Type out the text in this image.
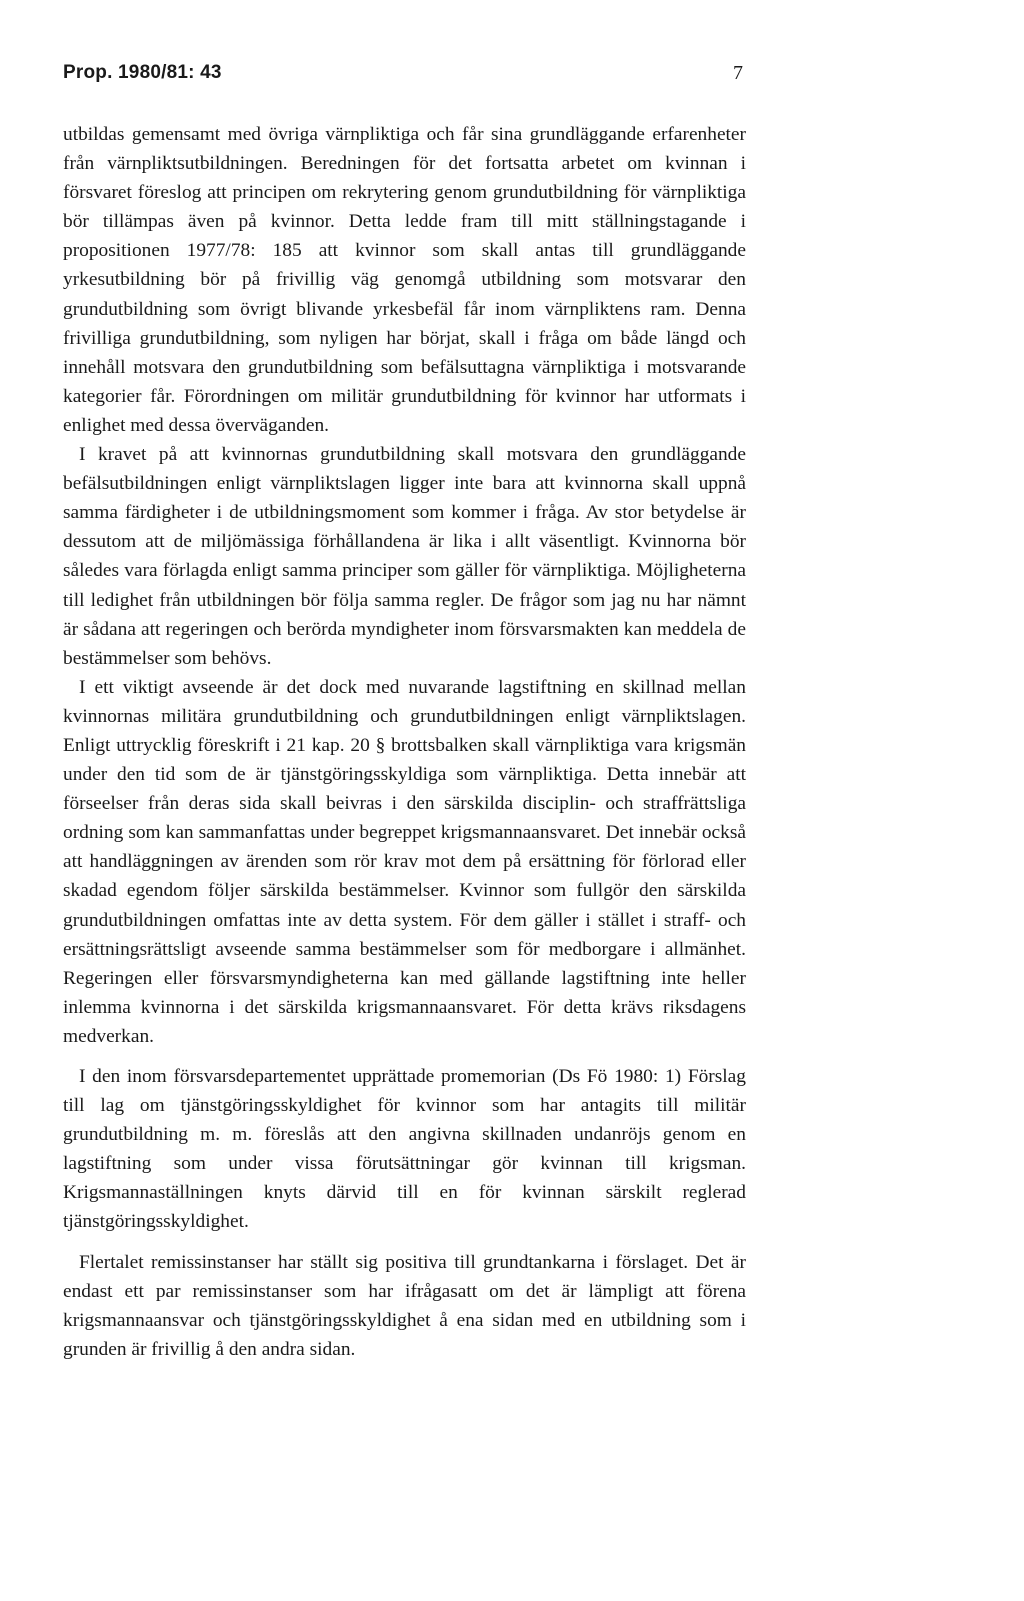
Prop. 1980/81: 43	7

utbildas gemensamt med övriga värnpliktiga och får sina grundläggande erfarenheter från värnpliktsutbildningen. Beredningen för det fortsatta arbetet om kvinnan i försvaret föreslog att principen om rekrytering genom grundutbildning för värnpliktiga bör tillämpas även på kvinnor. Detta ledde fram till mitt ställningstagande i propositionen 1977/78: 185 att kvinnor som skall antas till grundläggande yrkesutbildning bör på frivillig väg genomgå utbildning som motsvarar den grundutbildning som övrigt blivande yrkesbefäl får inom värnpliktens ram. Denna frivilliga grundutbildning, som nyligen har börjat, skall i fråga om både längd och innehåll motsvara den grundutbildning som befälsuttagna värnpliktiga i motsvarande kategorier får. Förordningen om militär grundutbildning för kvinnor har utformats i enlighet med dessa överväganden.

I kravet på att kvinnornas grundutbildning skall motsvara den grundläggande befälsutbildningen enligt värnpliktslagen ligger inte bara att kvinnorna skall uppnå samma färdigheter i de utbildningsmoment som kommer i fråga. Av stor betydelse är dessutom att de miljömässiga förhållandena är lika i allt väsentligt. Kvinnorna bör således vara förlagda enligt samma principer som gäller för värnpliktiga. Möjligheterna till ledighet från utbildningen bör följa samma regler. De frågor som jag nu har nämnt är sådana att regeringen och berörda myndigheter inom försvarsmakten kan meddela de bestämmelser som behövs.

I ett viktigt avseende är det dock med nuvarande lagstiftning en skillnad mellan kvinnornas militära grundutbildning och grundutbildningen enligt värnpliktslagen. Enligt uttrycklig föreskrift i 21 kap. 20 § brottsbalken skall värnpliktiga vara krigsmän under den tid som de är tjänstgöringsskyldiga som värnpliktiga. Detta innebär att förseelser från deras sida skall beivras i den särskilda disciplin- och straffrättsliga ordning som kan sammanfattas under begreppet krigsmannaansvaret. Det innebär också att handläggningen av ärenden som rör krav mot dem på ersättning för förlorad eller skadad egendom följer särskilda bestämmelser. Kvinnor som fullgör den särskilda grundutbildningen omfattas inte av detta system. För dem gäller i stället i straff- och ersättningsrättsligt avseende samma bestämmelser som för medborgare i allmänhet. Regeringen eller försvarsmyndigheterna kan med gällande lagstiftning inte heller inlemma kvinnorna i det särskilda krigsmannaansvaret. För detta krävs riksdagens medverkan.

I den inom försvarsdepartementet upprättade promemorian (Ds Fö 1980: 1) Förslag till lag om tjänstgöringsskyldighet för kvinnor som har antagits till militär grundutbildning m. m. föreslås att den angivna skillnaden undanröjs genom en lagstiftning som under vissa förutsättningar gör kvinnan till krigsman. Krigsmannaställningen knyts därvid till en för kvinnan särskilt reglerad tjänstgöringsskyldighet.

Flertalet remissinstanser har ställt sig positiva till grundtankarna i förslaget. Det är endast ett par remissinstanser som har ifrågasatt om det är lämpligt att förena krigsmannaansvar och tjänstgöringsskyldighet å ena sidan med en utbildning som i grunden är frivillig å den andra sidan.
